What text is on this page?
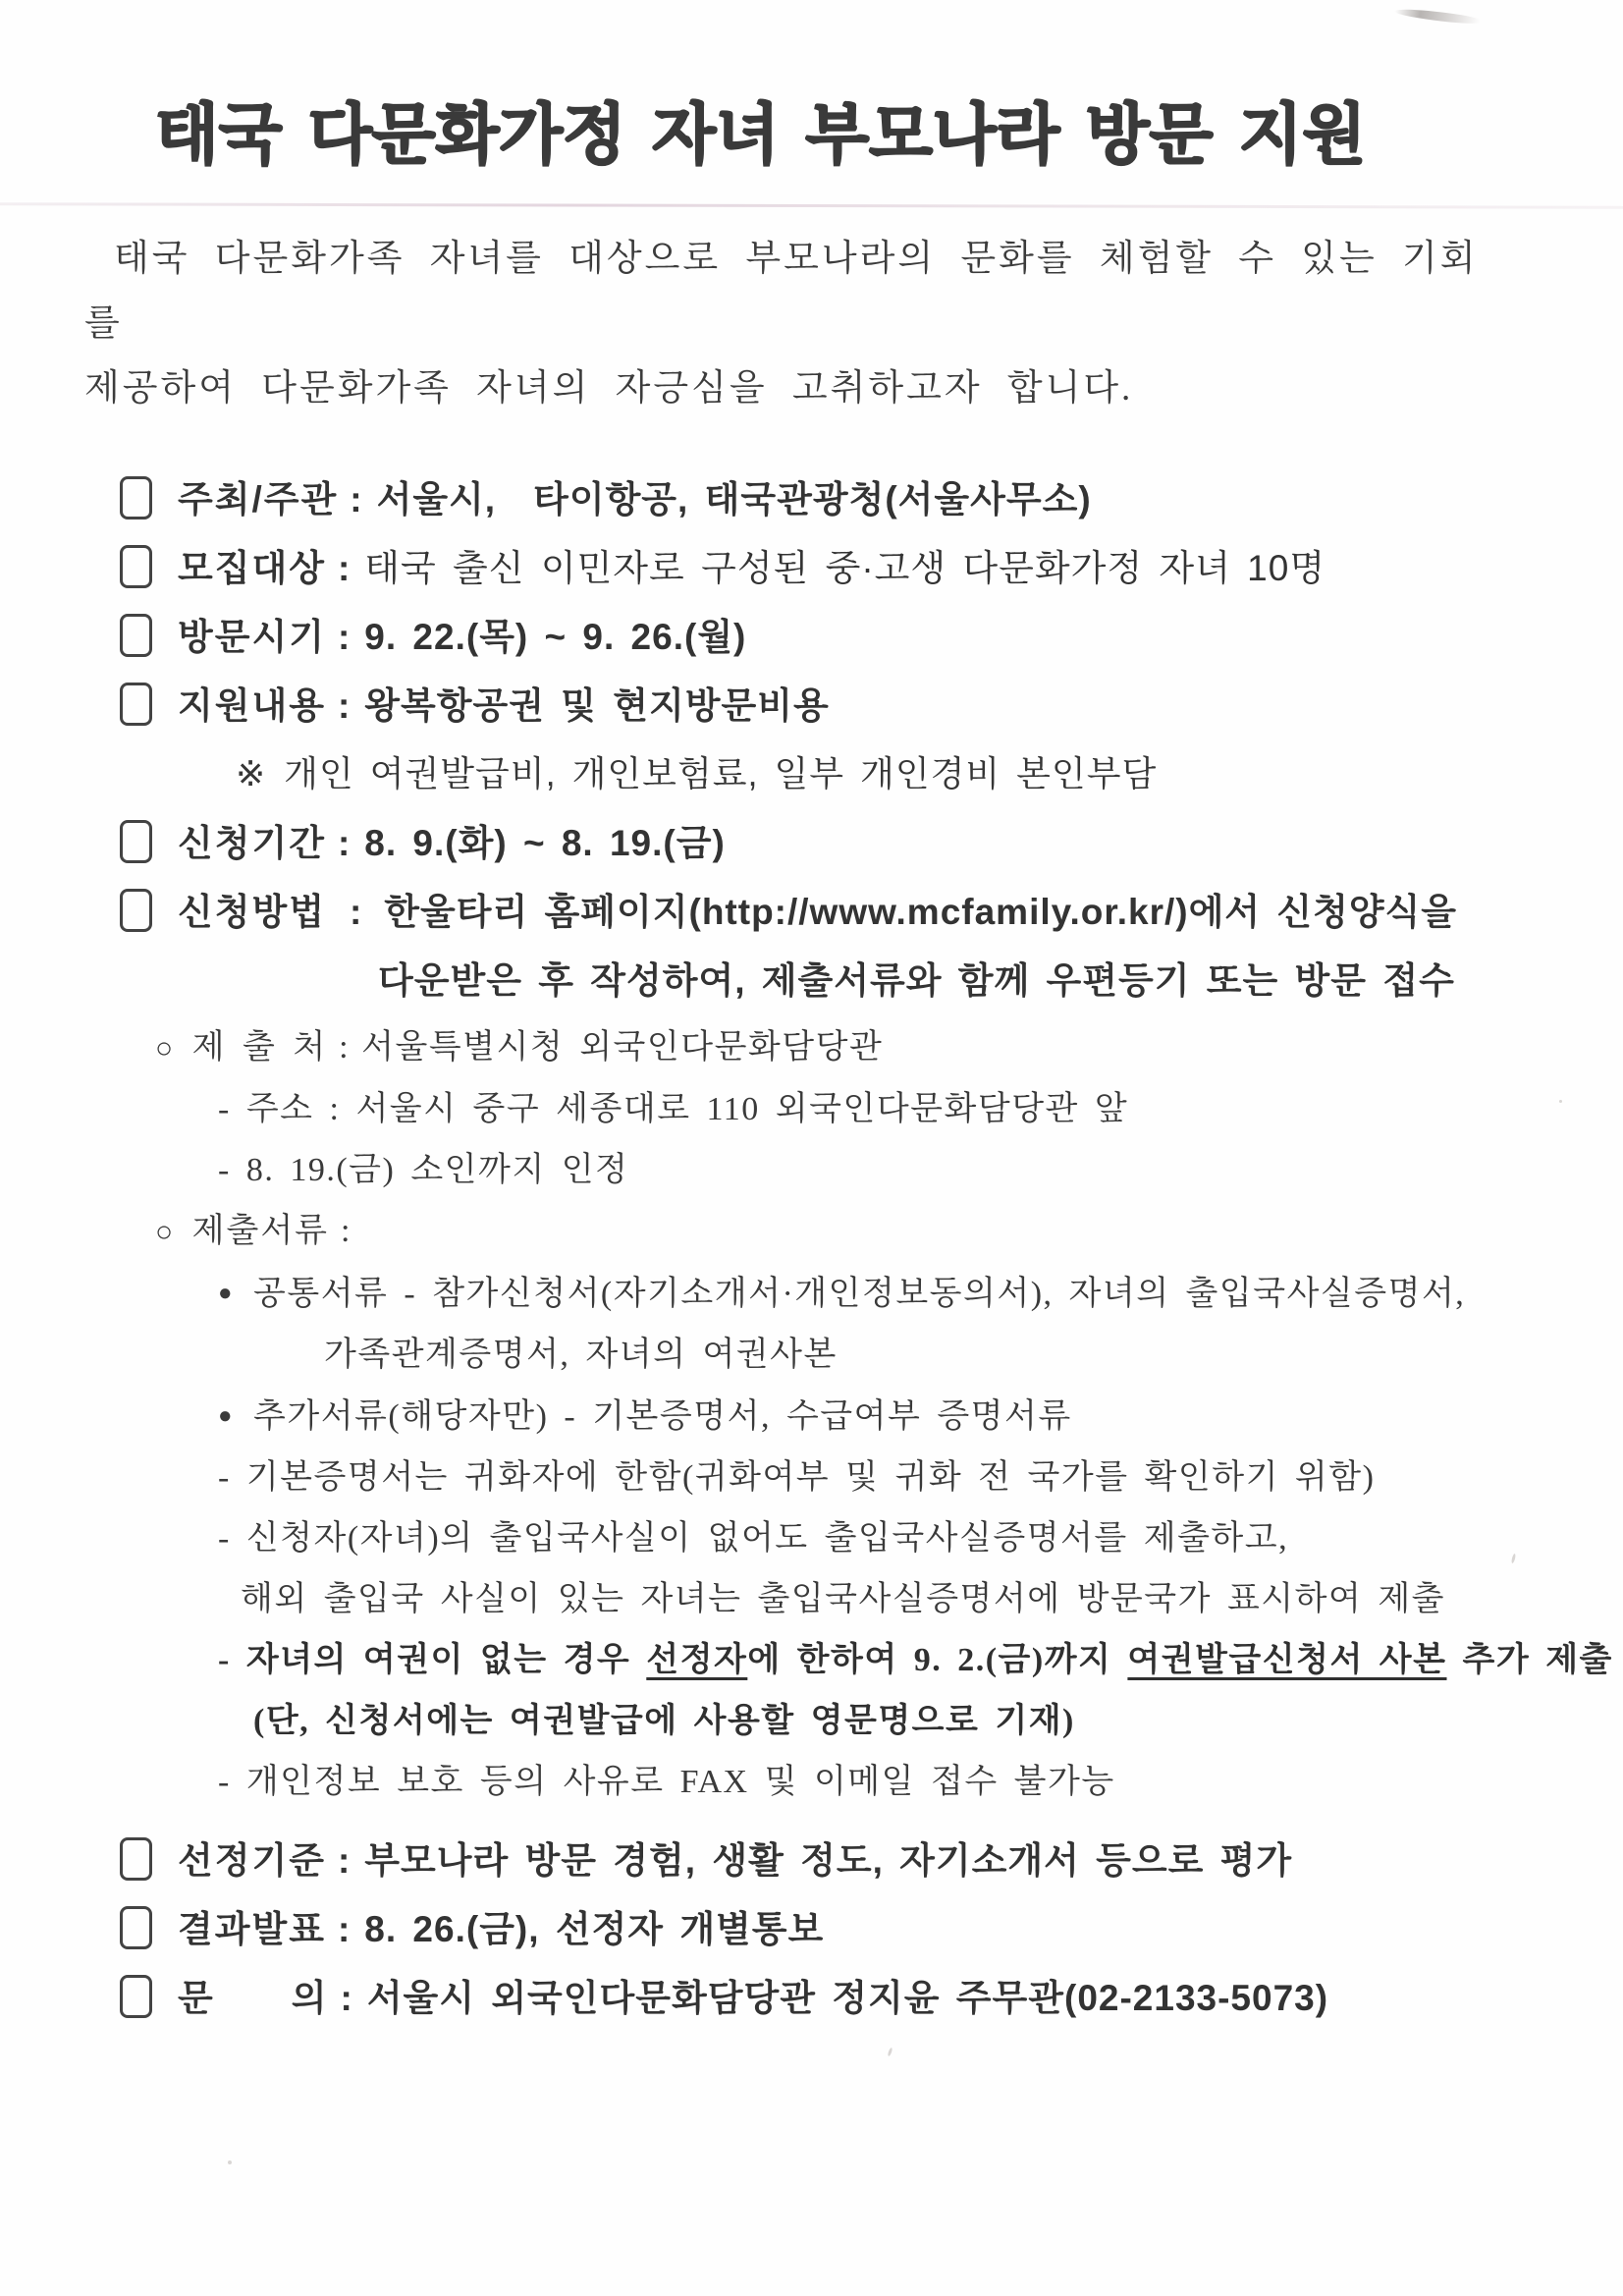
태국 다문화가정 자녀 부모나라 방문 지원

태국 다문화가족 자녀를 대상으로 부모나라의 문화를 체험할 수 있는 기회를
제공하여 다문화가족 자녀의 자긍심을 고취하고자 합니다.

주최/주관 : 서울시,　타이항공, 태국관광청(서울사무소)
모집대상 : 태국 출신 이민자로 구성된 중·고생 다문화가정 자녀 10명
방문시기 : 9. 22.(목) ~ 9. 26.(월)
지원내용 : 왕복항공권 및 현지방문비용
※ 개인 여권발급비, 개인보험료, 일부 개인경비 본인부담
신청기간 : 8. 9.(화) ~ 8. 19.(금)
신청방법 : 한울타리 홈페이지(http://www.mcfamily.or.kr/)에서 신청양식을
다운받은 후 작성하여, 제출서류와 함께 우편등기 또는 방문 접수
○ 제 출 처 : 서울특별시청 외국인다문화담당관
- 주소 : 서울시 중구 세종대로 110 외국인다문화담당관 앞
- 8. 19.(금) 소인까지 인정
○ 제출서류 :
● 공통서류 - 참가신청서(자기소개서·개인정보동의서), 자녀의 출입국사실증명서,
가족관계증명서, 자녀의 여권사본
● 추가서류(해당자만) - 기본증명서, 수급여부 증명서류
- 기본증명서는 귀화자에 한함(귀화여부 및 귀화 전 국가를 확인하기 위함)
- 신청자(자녀)의 출입국사실이 없어도 출입국사실증명서를 제출하고,
해외 출입국 사실이 있는 자녀는 출입국사실증명서에 방문국가 표시하여 제출
- 자녀의 여권이 없는 경우 선정자에 한하여 9. 2.(금)까지 여권발급신청서 사본 추가 제출
(단, 신청서에는 여권발급에 사용할 영문명으로 기재)
- 개인정보 보호 등의 사유로 FAX 및 이메일 접수 불가능
선정기준 : 부모나라 방문 경험, 생활 정도, 자기소개서 등으로 평가
결과발표 : 8. 26.(금), 선정자 개별통보
문　　의 : 서울시 외국인다문화담당관 정지윤 주무관(02-2133-5073)
